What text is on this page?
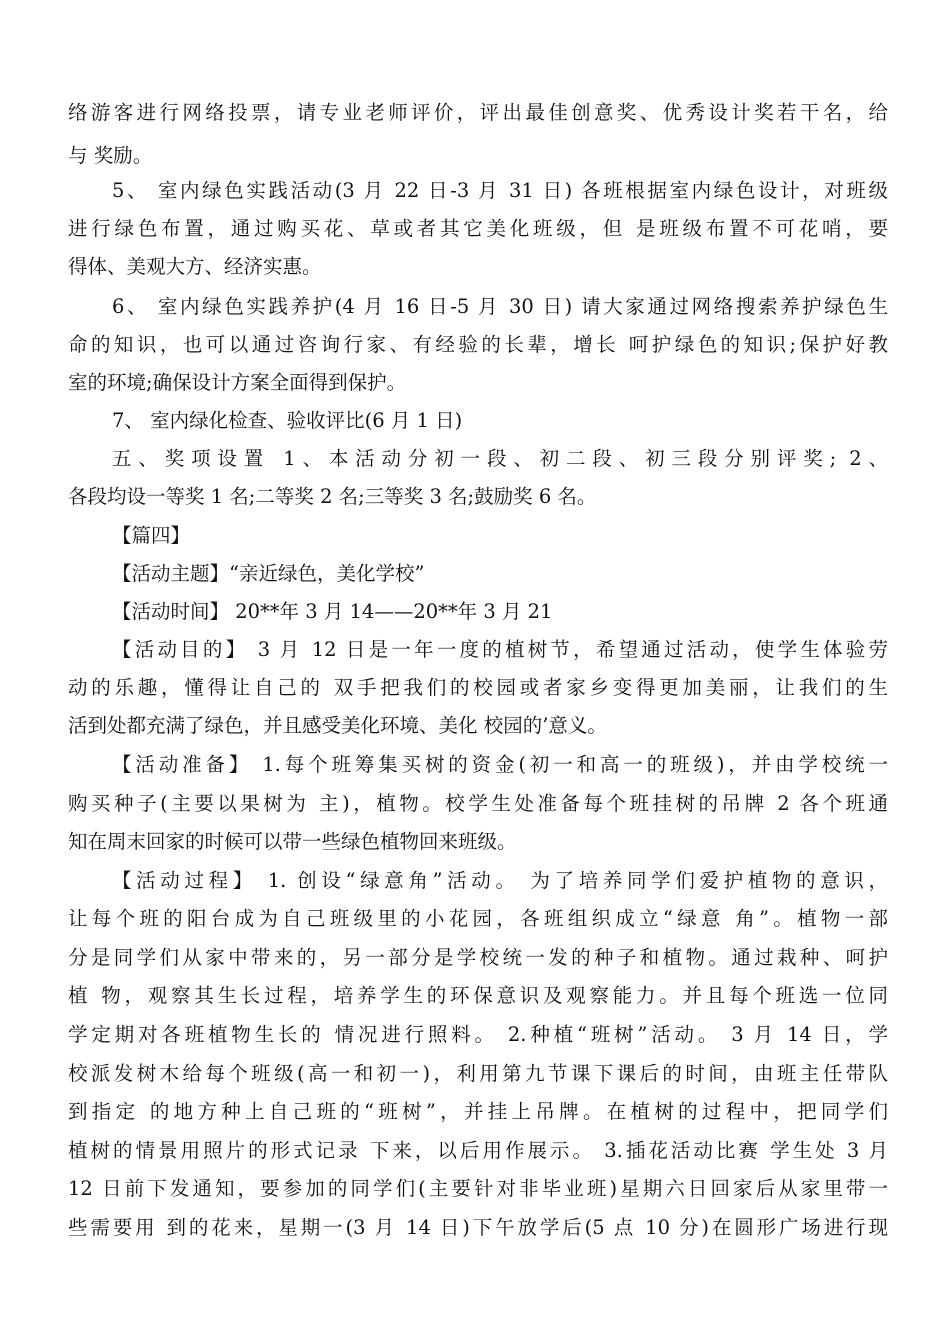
络游客进行网络投票，请专业老师评价，评出最佳创意奖、优秀设计奖若干名，给
与 奖励。
5、 室内绿色实践活动(3 月 22 日-3 月 31 日) 各班根据室内绿色设计，对班级
进行绿色布置，通过购买花、草或者其它美化班级，但 是班级布置不可花哨，要
得体、美观大方、经济实惠。
6、 室内绿色实践养护(4 月 16 日-5 月 30 日) 请大家通过网络搜索养护绿色生
命的知识，也可以通过咨询行家、有经验的长辈，增长 呵护绿色的知识;保护好教
室的环境;确保设计方案全面得到保护。
7、 室内绿化检查、验收评比(6 月 1 日)
五、奖项设置 1、本活动分初一段、初二段、初三段分别评奖; 2、
各段均设一等奖 1 名;二等奖 2 名;三等奖 3 名;鼓励奖 6 名。
【篇四】
【活动主题】“亲近绿色，美化学校”
【活动时间】 20**年 3 月 14——20**年 3 月 21
【活动目的】 3 月 12 日是一年一度的植树节，希望通过活动，使学生体验劳
动的乐趣，懂得让自己的 双手把我们的校园或者家乡变得更加美丽，让我们的生
活到处都充满了绿色，并且感受美化环境、美化 校园的’意义。
【活动准备】 1.每个班筹集买树的资金(初一和高一的班级)，并由学校统一
购买种子(主要以果树为 主)，植物。校学生处准备每个班挂树的吊牌 2 各个班通
知在周末回家的时候可以带一些绿色植物回来班级。
【活动过程】 1. 创设“绿意角”活动。 为了培养同学们爱护植物的意识，
让每个班的阳台成为自己班级里的小花园，各班组织成立“绿意 角”。植物一部
分是同学们从家中带来的，另一部分是学校统一发的种子和植物。通过栽种、呵护
植 物，观察其生长过程，培养学生的环保意识及观察能力。并且每个班选一位同
学定期对各班植物生长的 情况进行照料。 2.种植“班树”活动。 3 月 14 日，学
校派发树木给每个班级(高一和初一)，利用第九节课下课后的时间，由班主任带队
到指定 的地方种上自己班的“班树”，并挂上吊牌。在植树的过程中，把同学们
植树的情景用照片的形式记录 下来，以后用作展示。 3.插花活动比赛 学生处 3 月
12 日前下发通知，要参加的同学们(主要针对非毕业班)星期六日回家后从家里带一
些需要用 到的花来，星期一(3 月 14 日)下午放学后(5 点 10 分)在圆形广场进行现
